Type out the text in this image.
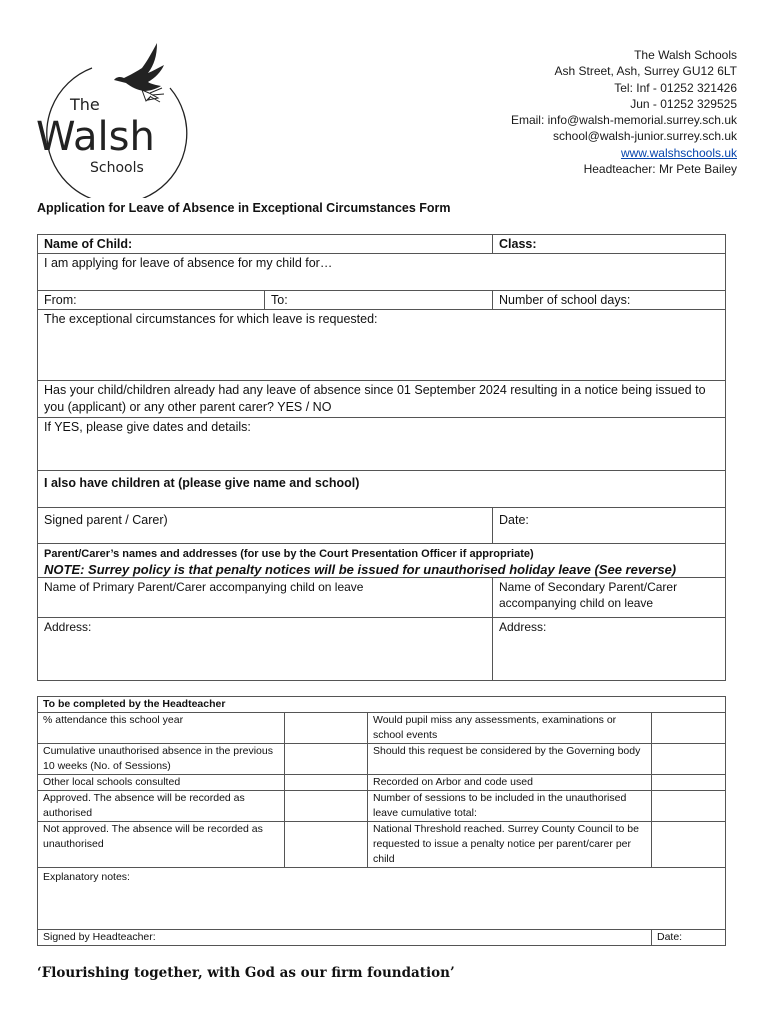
The
Walsh
Schools
The Walsh Schools
Ash Street, Ash, Surrey GU12 6LT
Tel: Inf - 01252 321426
Jun - 01252 329525
Email: info@walsh-memorial.surrey.sch.uk
school@walsh-junior.surrey.sch.uk
www.walshschools.uk
Headteacher: Mr Pete Bailey
Application for Leave of Absence in Exceptional Circumstances Form
Name of Child:		Class:
I am applying for leave of absence for my child for…		
From:	To:	Number of school days:
The exceptional circumstances for which leave is requested:		
Has your child/children already had any leave of absence since 01 September 2024 resulting in a notice being issued to you (applicant) or any other parent carer? YES / NO		
If YES, please give dates and details:		
I also have children at (please give name and school)		
Signed parent / Carer)		Date:

Parent/Carer’s names and addresses (for use by the Court Presentation Officer if appropriate)
NOTE: Surrey policy is that penalty notices will be issued for unauthorised holiday leave (See reverse)		

Name of Primary Parent/Carer accompanying child on leave		Name of Secondary Parent/Carer accompanying child on leave
Address:		Address:
To be completed by the Headteacher			
% attendance this school year		Would pupil miss any assessments, examinations or school events	
Cumulative unauthorised absence in the previous 10 weeks (No. of Sessions)		Should this request be considered by the Governing body	
Other local schools consulted		Recorded on Arbor and code used	
Approved. The absence will be recorded as authorised		Number of sessions to be included in the unauthorised leave cumulative total:	
Not approved. The absence will be recorded as unauthorised		National Threshold reached. Surrey County Council to be requested to issue a penalty notice per parent/carer per child	
Explanatory notes:			
Signed by Headteacher:			Date:
‘Flourishing together, with God as our firm foundation’
